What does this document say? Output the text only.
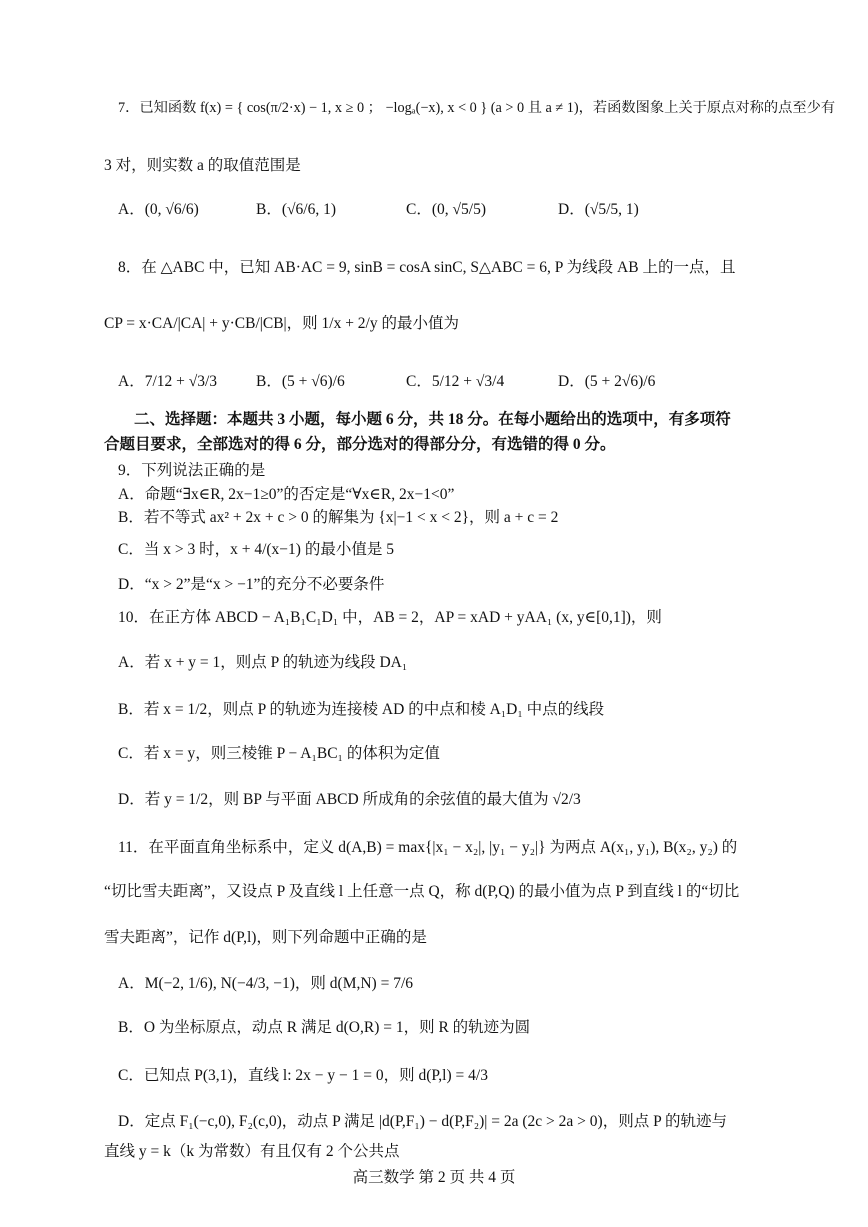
7．已知函数 f(x) = { cos(π/2·x) − 1, x ≥ 0 ； −logₐ(−x), x < 0 } (a > 0 且 a ≠ 1)，若函数图象上关于原点对称的点至少有
3 对，则实数 a 的取值范围是
A．(0, √6/6)	B．(√6/6, 1)	C．(0, √5/5)	D．(√5/5, 1)
8．在 △ABC 中，已知 AB·AC = 9, sinB = cosA sinC, S△ABC = 6, P 为线段 AB 上的一点，且
CP = x·CA/|CA| + y·CB/|CB|，则 1/x + 2/y 的最小值为
A．7/12 + √3/3	B．(5 + √6)/6	C．5/12 + √3/4	D．(5 + 2√6)/6
二、选择题：本题共 3 小题，每小题 6 分，共 18 分。在每小题给出的选项中，有多项符
合题目要求，全部选对的得 6 分，部分选对的得部分分，有选错的得 0 分。
9．下列说法正确的是
A．命题“∃x∈R, 2x−1≥0”的否定是“∀x∈R, 2x−1<0”
B．若不等式 ax² + 2x + c > 0 的解集为 {x|−1 < x < 2}，则 a + c = 2
C．当 x > 3 时，x + 4/(x−1) 的最小值是 5
D．“x > 2”是“x > −1”的充分不必要条件
10．在正方体 ABCD − A₁B₁C₁D₁ 中，AB = 2，AP = xAD + yAA₁ (x, y∈[0,1])，则
A．若 x + y = 1，则点 P 的轨迹为线段 DA₁
B．若 x = 1/2，则点 P 的轨迹为连接棱 AD 的中点和棱 A₁D₁ 中点的线段
C．若 x = y，则三棱锥 P − A₁BC₁ 的体积为定值
D．若 y = 1/2，则 BP 与平面 ABCD 所成角的余弦值的最大值为 √2/3
11．在平面直角坐标系中，定义 d(A,B) = max{|x₁ − x₂|, |y₁ − y₂|} 为两点 A(x₁, y₁), B(x₂, y₂) 的
“切比雪夫距离”，又设点 P 及直线 l 上任意一点 Q，称 d(P,Q) 的最小值为点 P 到直线 l 的“切比
雪夫距离”，记作 d(P,l)，则下列命题中正确的是
A．M(−2, 1/6), N(−4/3, −1)，则 d(M,N) = 7/6
B．O 为坐标原点，动点 R 满足 d(O,R) = 1，则 R 的轨迹为圆
C．已知点 P(3,1)，直线 l: 2x − y − 1 = 0，则 d(P,l) = 4/3
D．定点 F₁(−c,0), F₂(c,0)，动点 P 满足 |d(P,F₁) − d(P,F₂)| = 2a (2c > 2a > 0)，则点 P 的轨迹与
直线 y = k（k 为常数）有且仅有 2 个公共点
高三数学 第 2 页 共 4 页
